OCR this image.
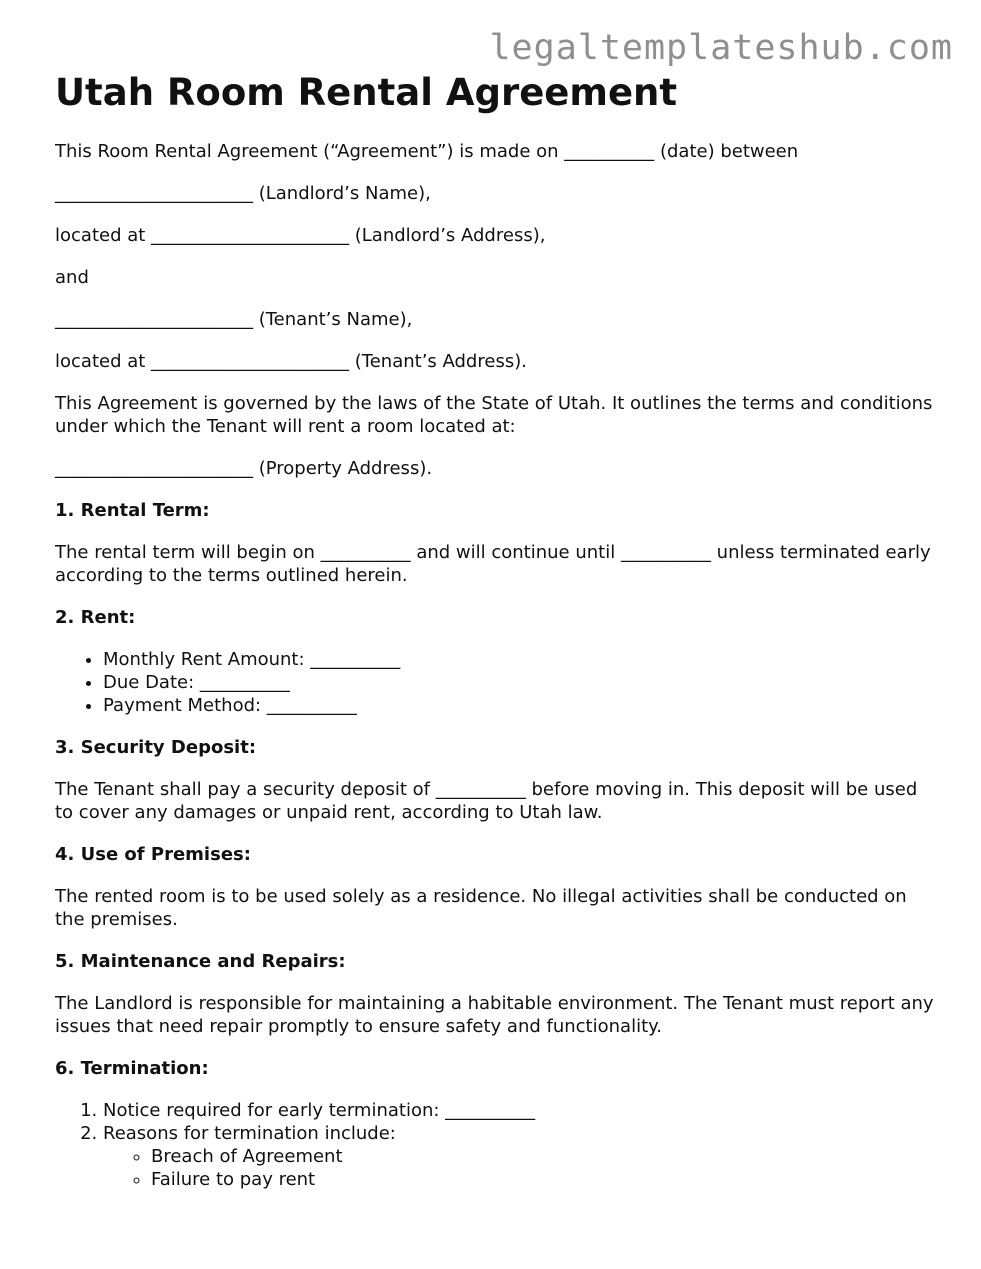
legaltemplateshub.com
Utah Room Rental Agreement

This Room Rental Agreement (“Agreement”) is made on __________ (date) between

______________________ (Landlord’s Name),

located at ______________________ (Landlord’s Address),

and

______________________ (Tenant’s Name),

located at ______________________ (Tenant’s Address).

This Agreement is governed by the laws of the State of Utah. It outlines the terms and conditions under which the Tenant will rent a room located at:

______________________ (Property Address).

1. Rental Term:

The rental term will begin on __________ and will continue until __________ unless terminated early according to the terms outlined herein.

2. Rent:
• Monthly Rent Amount: __________
• Due Date: __________
• Payment Method: __________
3. Security Deposit:

The Tenant shall pay a security deposit of __________ before moving in. This deposit will be used to cover any damages or unpaid rent, according to Utah law.

4. Use of Premises:

The rented room is to be used solely as a residence. No illegal activities shall be conducted on the premises.

5. Maintenance and Repairs:

The Landlord is responsible for maintaining a habitable environment. The Tenant must report any issues that need repair promptly to ensure safety and functionality.

6. Termination:
1. Notice required for early termination: __________
2. Reasons for termination include:
◦ Breach of Agreement
◦ Failure to pay rent
